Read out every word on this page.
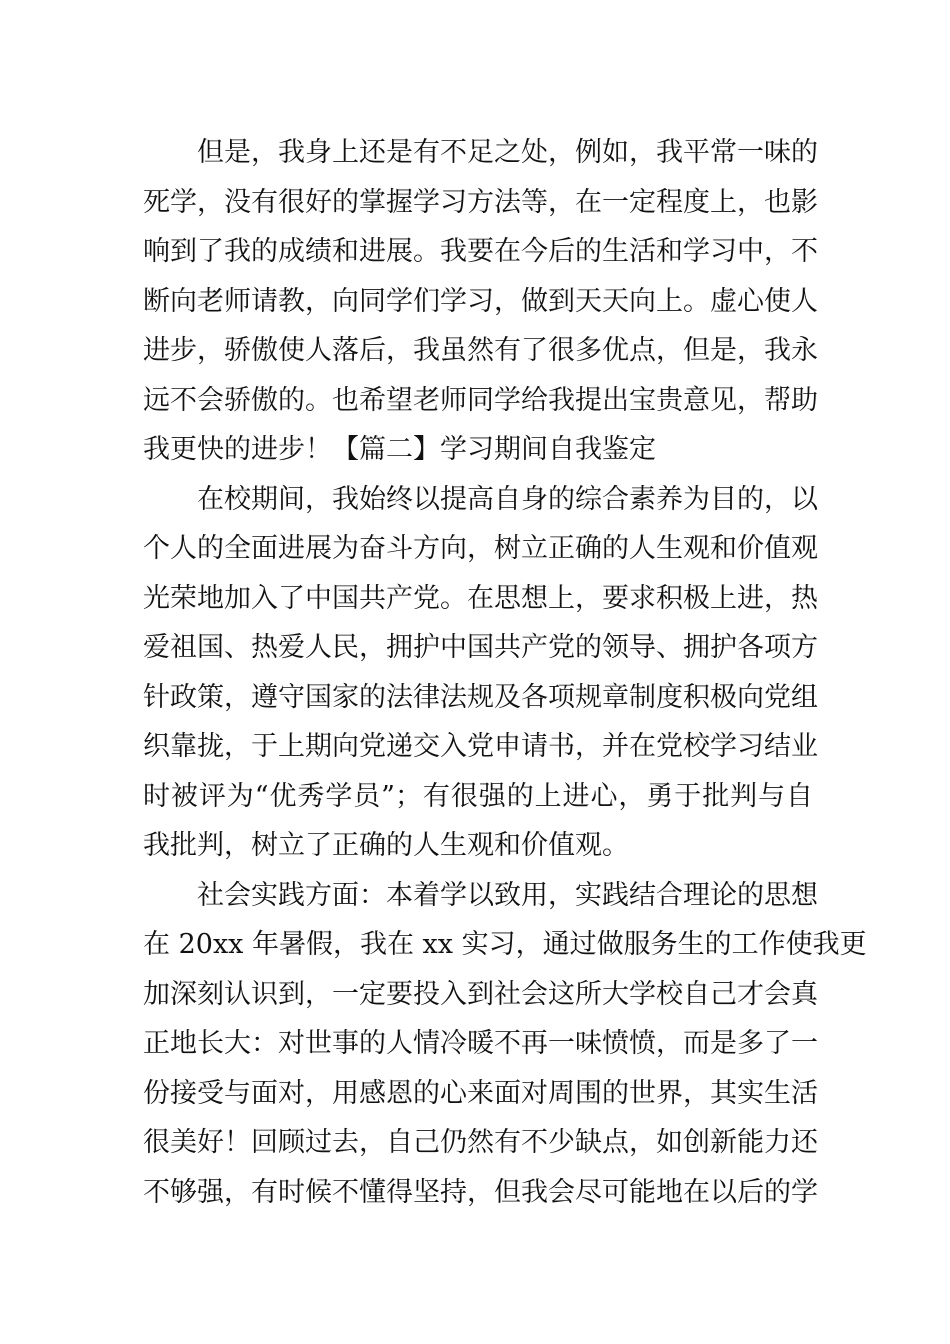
但是，我身上还是有不足之处，例如，我平常一味的
死学，没有很好的掌握学习方法等，在一定程度上，也影
响到了我的成绩和进展。我要在今后的生活和学习中，不
断向老师请教，向同学们学习，做到天天向上。虚心使人
进步，骄傲使人落后，我虽然有了很多优点，但是，我永
远不会骄傲的。也希望老师同学给我提出宝贵意见，帮助
我更快的进步！【篇二】学习期间自我鉴定
在校期间，我始终以提高自身的综合素养为目的，以
个人的全面进展为奋斗方向，树立正确的人生观和价值观
光荣地加入了中国共产党。在思想上，要求积极上进，热
爱祖国、热爱人民，拥护中国共产党的领导、拥护各项方
针政策，遵守国家的法律法规及各项规章制度积极向党组
织靠拢，于上期向党递交入党申请书，并在党校学习结业
时被评为“优秀学员”；有很强的上进心，勇于批判与自
我批判，树立了正确的人生观和价值观。
社会实践方面：本着学以致用，实践结合理论的思想
在 20xx 年暑假，我在 xx 实习，通过做服务生的工作使我更
加深刻认识到，一定要投入到社会这所大学校自己才会真
正地长大：对世事的人情冷暖不再一味愤愤，而是多了一
份接受与面对，用感恩的心来面对周围的世界，其实生活
很美好！回顾过去，自己仍然有不少缺点，如创新能力还
不够强，有时候不懂得坚持，但我会尽可能地在以后的学
